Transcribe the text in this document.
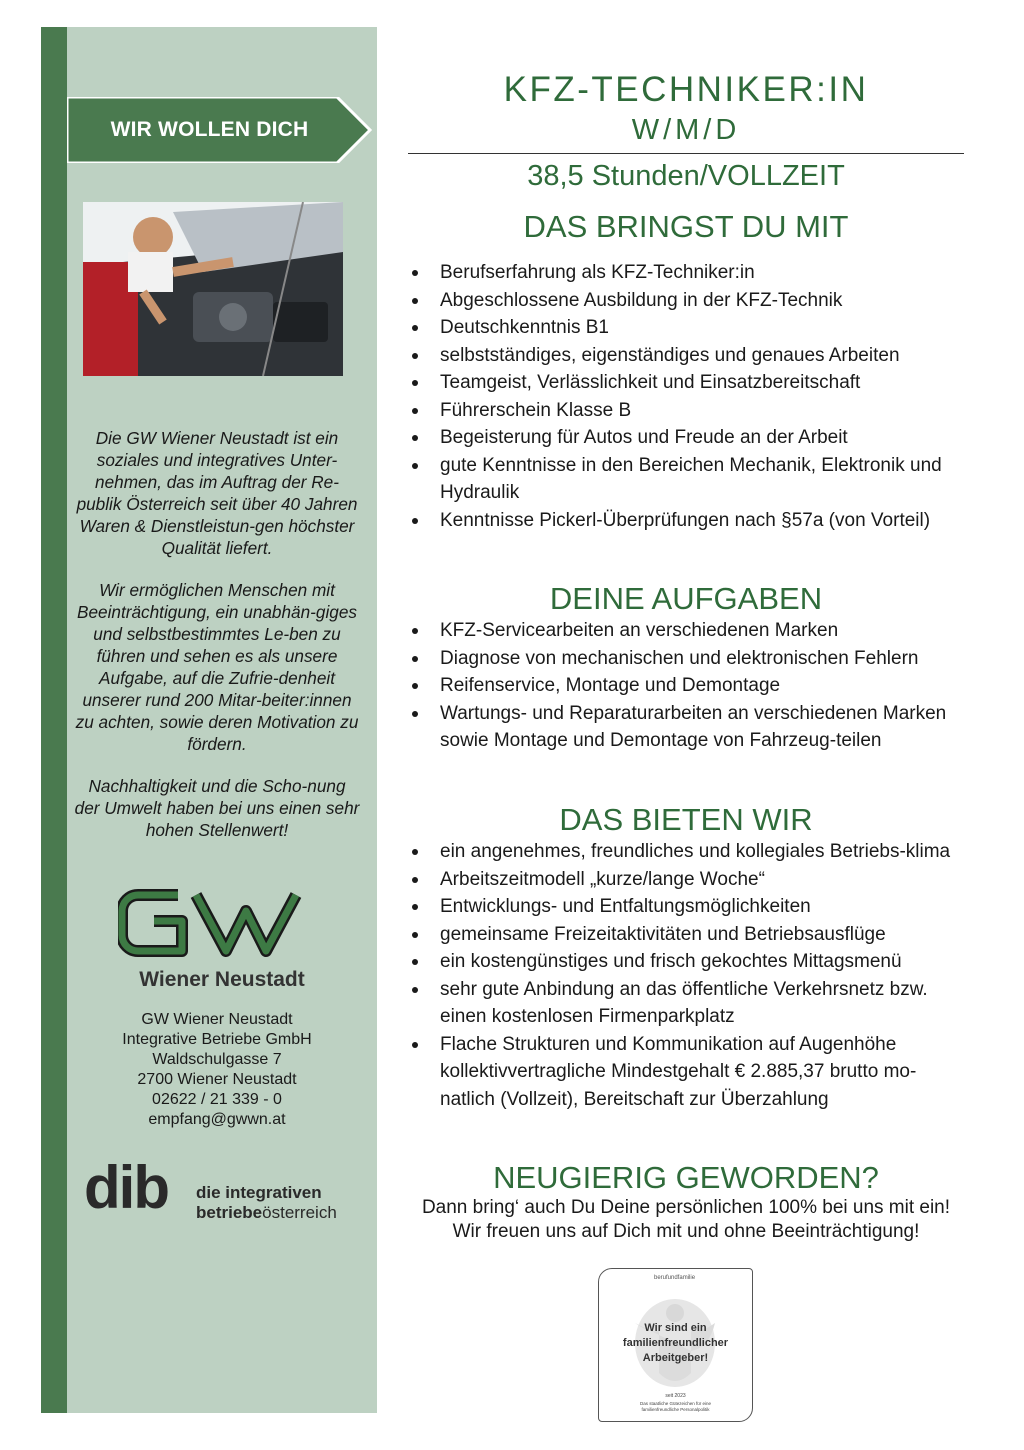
WIR WOLLEN DICH

Die GW Wiener Neustadt ist ein soziales und integratives Unter-nehmen, das im Auftrag der Re-publik Österreich seit über 40 Jahren Waren & Dienstleistun-gen höchster Qualität liefert.

Wir ermöglichen Menschen mit Beeinträchtigung, ein unabhän-giges und selbstbestimmtes Le-ben zu führen und sehen es als unsere Aufgabe, auf die Zufrie-denheit unserer rund 200 Mitar-beiter:innen zu achten, sowie deren Motivation zu fördern.

Nachhaltigkeit und die Scho-nung der Umwelt haben bei uns einen sehr hohen Stellenwert!

Wiener Neustadt
GW Wiener Neustadt
Integrative Betriebe GmbH
Waldschulgasse 7
2700 Wiener Neustadt
02622 / 21 339 - 0
empfang@gwwn.at
dib die integrativen
betriebeösterreich
KFZ-TECHNIKER:IN
W/M/D
38,5 Stunden/VOLLZEIT
DAS BRINGST DU MIT
Berufserfahrung als KFZ-Techniker:in
Abgeschlossene Ausbildung in der KFZ-Technik
Deutschkenntnis B1
selbstständiges, eigenständiges und genaues Arbeiten
Teamgeist, Verlässlichkeit und Einsatzbereitschaft
Führerschein Klasse B
Begeisterung für Autos und Freude an der Arbeit
gute Kenntnisse in den Bereichen Mechanik, Elektronik und Hydraulik
Kenntnisse Pickerl-Überprüfungen nach §57a (von Vorteil)
DEINE AUFGABEN
KFZ-Servicearbeiten an verschiedenen Marken
Diagnose von mechanischen und elektronischen Fehlern
Reifenservice, Montage und Demontage
Wartungs- und Reparaturarbeiten an verschiedenen Marken sowie Montage und Demontage von Fahrzeug-teilen
DAS BIETEN WIR
ein angenehmes, freundliches und kollegiales Betriebs-klima
Arbeitszeitmodell „kurze/lange Woche“
Entwicklungs- und Entfaltungsmöglichkeiten
gemeinsame Freizeitaktivitäten und Betriebsausflüge
ein kostengünstiges und frisch gekochtes Mittagsmenü
sehr gute Anbindung an das öffentliche Verkehrsnetz bzw. einen kostenlosen Firmenparkplatz
Flache Strukturen und Kommunikation auf Augenhöhe kollektivvertragliche Mindestgehalt € 2.885,37 brutto mo-natlich (Vollzeit), Bereitschaft zur Überzahlung
NEUGIERIG GEWORDEN?
Dann bring‘ auch Du Deine persönlichen 100% bei uns mit ein!
Wir freuen uns auf Dich mit und ohne Beeinträchtigung!
berufundfamilie
Wir sind ein
familienfreundlicher
Arbeitgeber!
seit 2023
Das staatliche Gütezeichen für eine
familienfreundliche Personalpolitik
